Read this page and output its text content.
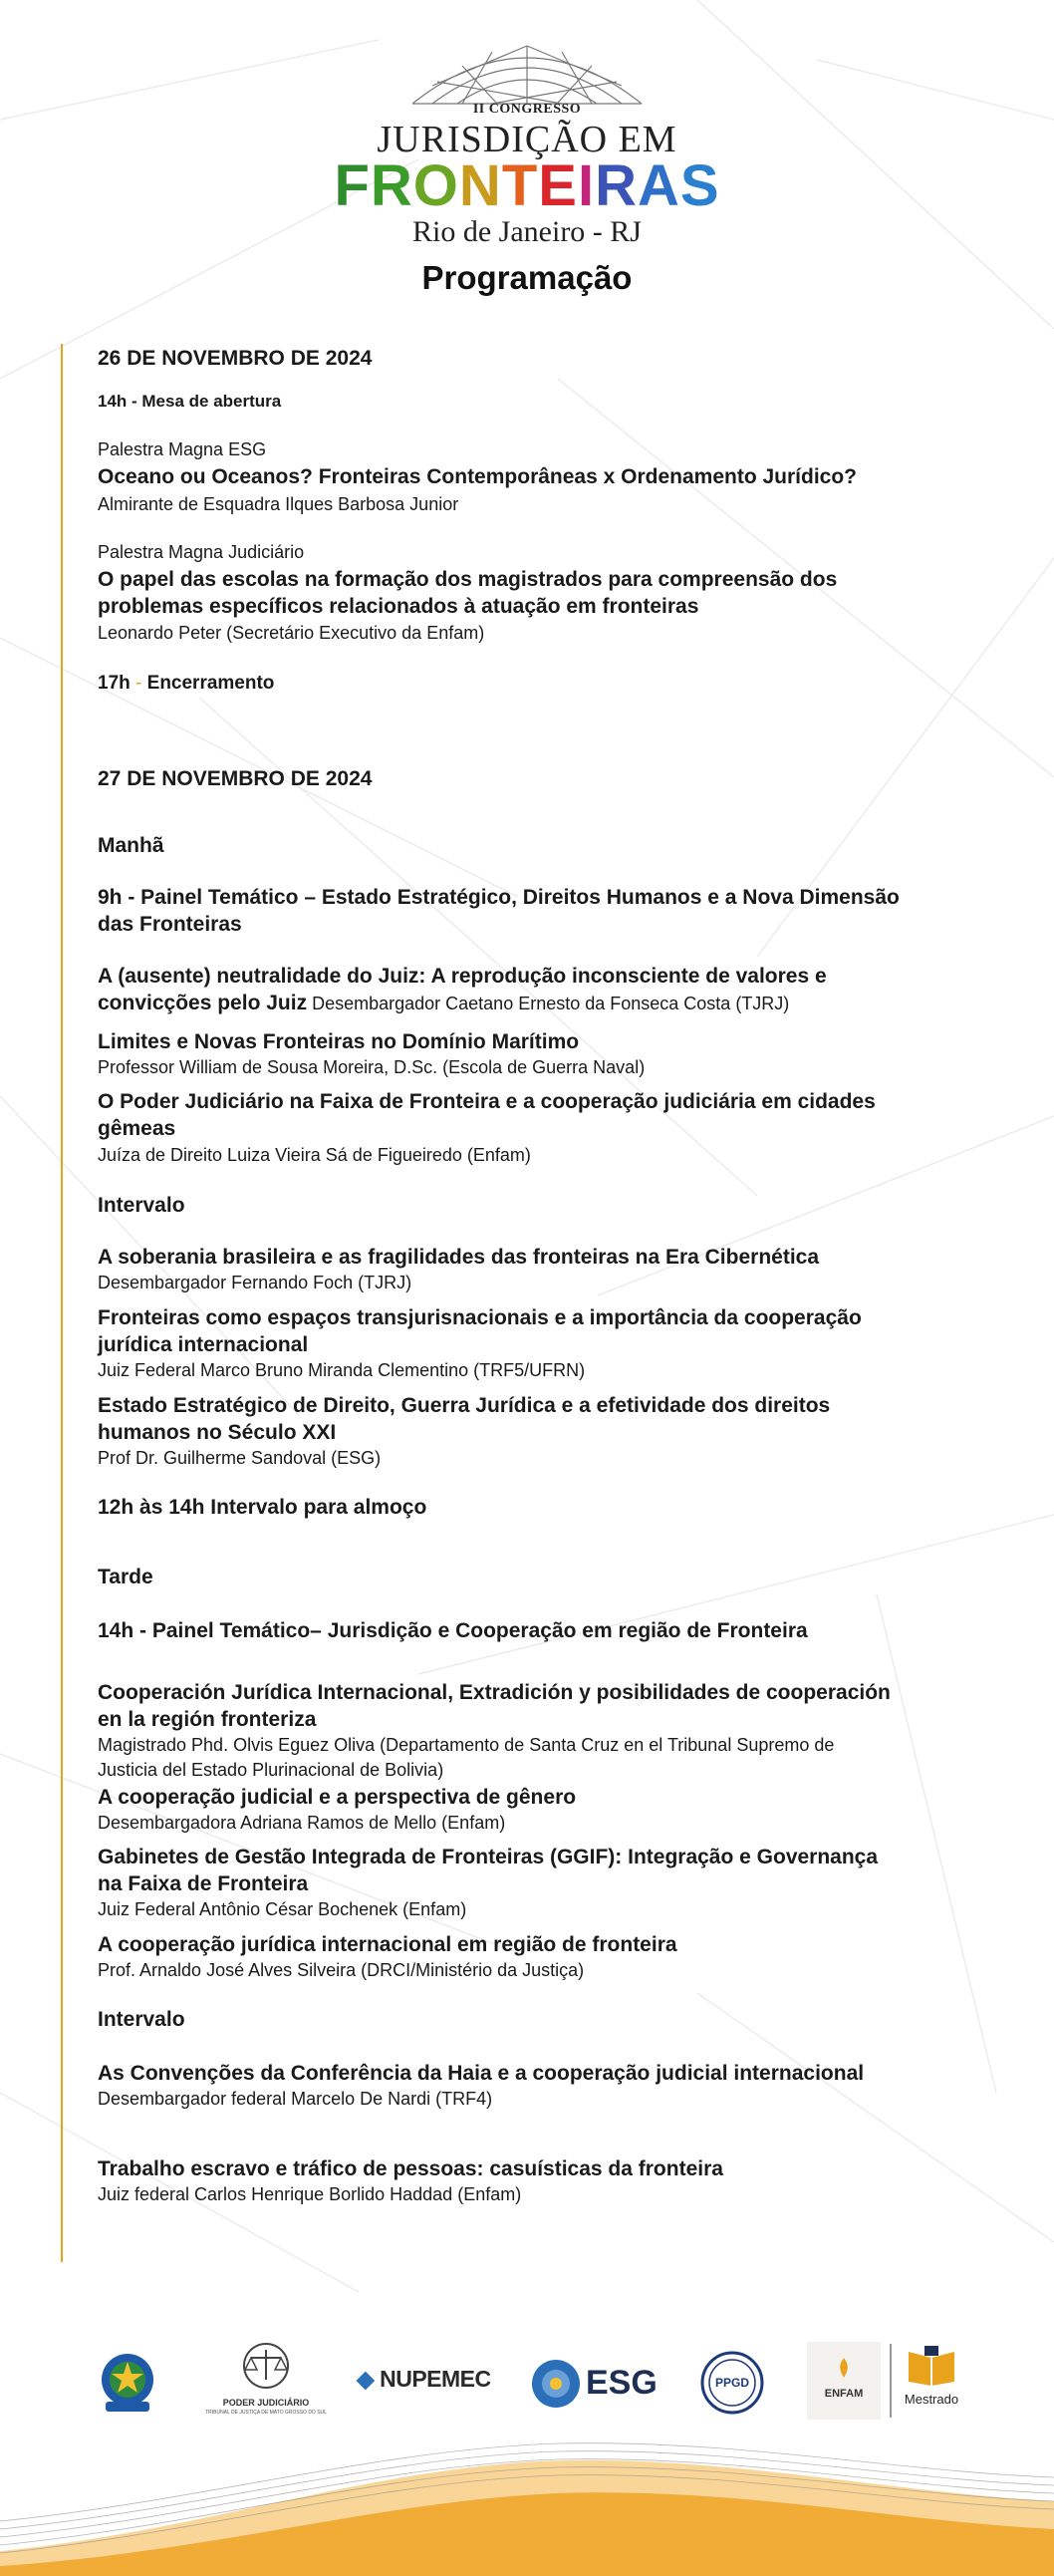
II CONGRESSO
JURISDIÇÃO EM
FRONTEIRAS
Rio de Janeiro - RJ
Programação
26 DE NOVEMBRO DE 2024
14h - Mesa de abertura
Palestra Magna ESG
Oceano ou Oceanos? Fronteiras Contemporâneas x Ordenamento Jurídico?
Almirante de Esquadra Ilques Barbosa Junior
Palestra Magna Judiciário
O papel das escolas na formação dos magistrados para compreensão dos
problemas específicos relacionados à atuação em fronteiras
Leonardo Peter (Secretário Executivo da Enfam)
17h - Encerramento
27 DE NOVEMBRO DE 2024
Manhã
9h - Painel Temático – Estado Estratégico, Direitos Humanos e a Nova Dimensão
das Fronteiras
A (ausente) neutralidade do Juiz: A reprodução inconsciente de valores e
convicções pelo Juiz Desembargador Caetano Ernesto da Fonseca Costa (TJRJ)
Limites e Novas Fronteiras no Domínio Marítimo
Professor William de Sousa Moreira, D.Sc. (Escola de Guerra Naval)
O Poder Judiciário na Faixa de Fronteira e a cooperação judiciária em cidades
gêmeas
Juíza de Direito Luiza Vieira Sá de Figueiredo (Enfam)
Intervalo
A soberania brasileira e as fragilidades das fronteiras na Era Cibernética
Desembargador Fernando Foch (TJRJ)
Fronteiras como espaços transjurisnacionais e a importância da cooperação
jurídica internacional
Juiz Federal Marco Bruno Miranda Clementino (TRF5/UFRN)
Estado Estratégico de Direito, Guerra Jurídica e a efetividade dos direitos
humanos no Século XXI
Prof Dr. Guilherme Sandoval (ESG)
12h às 14h Intervalo para almoço
Tarde
14h - Painel Temático– Jurisdição e Cooperação em região de Fronteira
Cooperación Jurídica Internacional, Extradición y posibilidades de cooperación
en la región fronteriza
Magistrado Phd. Olvis Eguez Oliva (Departamento de Santa Cruz en el Tribunal Supremo de
Justicia del Estado Plurinacional de Bolivia)
A cooperação judicial e a perspectiva de gênero
Desembargadora Adriana Ramos de Mello (Enfam)
Gabinetes de Gestão Integrada de Fronteiras (GGIF): Integração e Governança
na Faixa de Fronteira
Juiz Federal Antônio César Bochenek (Enfam)
A cooperação jurídica internacional em região de fronteira
Prof. Arnaldo José Alves Silveira (DRCI/Ministério da Justiça)
Intervalo
As Convenções da Conferência da Haia e a cooperação judicial internacional
Desembargador federal Marcelo De Nardi (TRF4)
Trabalho escravo e tráfico de pessoas: casuísticas da fronteira
Juiz federal Carlos Henrique Borlido Haddad (Enfam)
PODER JUDICIÁRIO
TRIBUNAL DE JUSTIÇA DE MATO GROSSO DO SUL
◆ NUPEMEC	ESG	PPGD
ENFAM	Mestrado
